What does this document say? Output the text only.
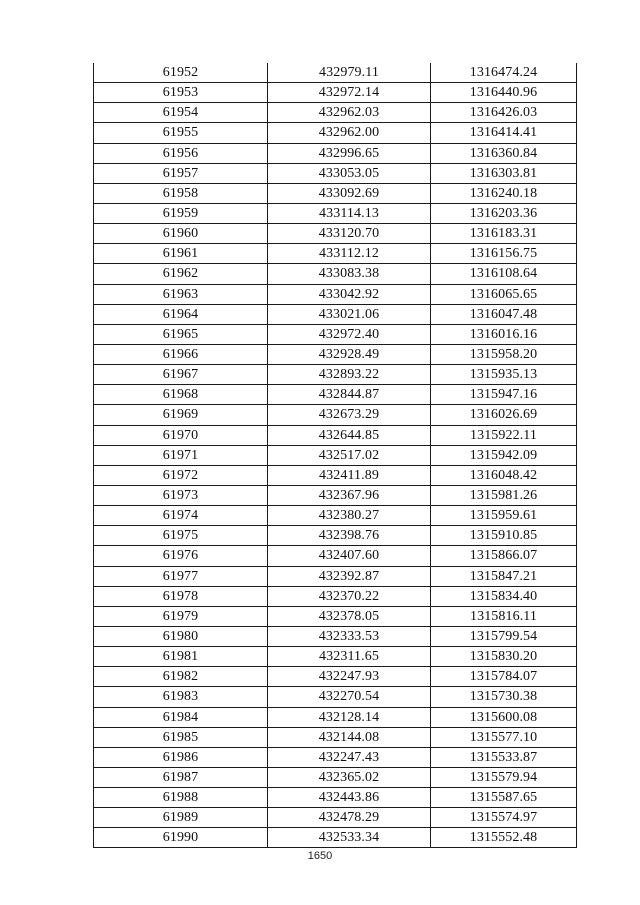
61952	432979.11	1316474.24
61953	432972.14	1316440.96
61954	432962.03	1316426.03
61955	432962.00	1316414.41
61956	432996.65	1316360.84
61957	433053.05	1316303.81
61958	433092.69	1316240.18
61959	433114.13	1316203.36
61960	433120.70	1316183.31
61961	433112.12	1316156.75
61962	433083.38	1316108.64
61963	433042.92	1316065.65
61964	433021.06	1316047.48
61965	432972.40	1316016.16
61966	432928.49	1315958.20
61967	432893.22	1315935.13
61968	432844.87	1315947.16
61969	432673.29	1316026.69
61970	432644.85	1315922.11
61971	432517.02	1315942.09
61972	432411.89	1316048.42
61973	432367.96	1315981.26
61974	432380.27	1315959.61
61975	432398.76	1315910.85
61976	432407.60	1315866.07
61977	432392.87	1315847.21
61978	432370.22	1315834.40
61979	432378.05	1315816.11
61980	432333.53	1315799.54
61981	432311.65	1315830.20
61982	432247.93	1315784.07
61983	432270.54	1315730.38
61984	432128.14	1315600.08
61985	432144.08	1315577.10
61986	432247.43	1315533.87
61987	432365.02	1315579.94
61988	432443.86	1315587.65
61989	432478.29	1315574.97
61990	432533.34	1315552.48
1650
